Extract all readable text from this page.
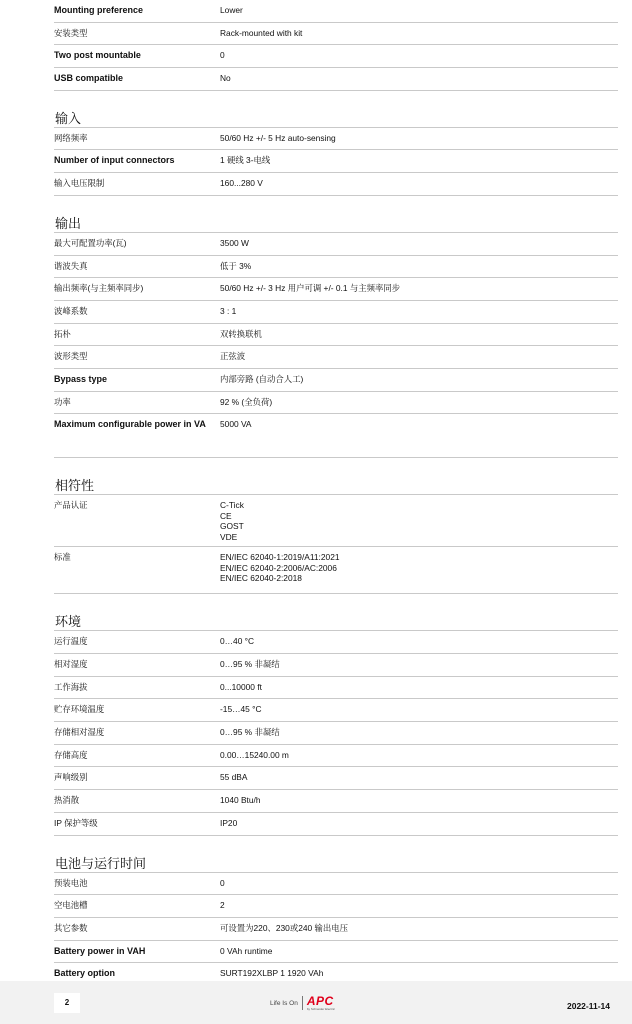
Mounting preference	Lower
安装类型	Rack-mounted with kit
Two post mountable	0
USB compatible	No
输入
网络频率	50/60 Hz +/- 5 Hz auto-sensing
Number of input connectors	1 硬线 3-电线
输入电压限制	160...280 V
输出
最大可配置功率(瓦)	3500 W
谐波失真	低于 3%
输出频率(与主频率同步)	50/60 Hz +/- 3 Hz 用户可调 +/- 0.1 与主频率同步
波峰系数	3 : 1
拓朴	双转换联机
波形类型	正弦波
Bypass type	内部旁路 (自动合人工)
功率	92 % (全负荷)
Maximum configurable power in VA	5000 VA
相符性
产品认证	C-Tick
CE
GOST
VDE
标准	EN/IEC 62040-1:2019/A11:2021
EN/IEC 62040-2:2006/AC:2006
EN/IEC 62040-2:2018
环境
运行温度	0…40 °C
相对湿度	0…95 % 非凝结
工作海拔	0...10000 ft
贮存环境温度	-15…45 °C
存储相对湿度	0…95 % 非凝结
存储高度	0.00…15240.00 m
声响级别	55 dBA
热消散	1040 Btu/h
IP 保护等级	IP20
电池与运行时间
预装电池	0
空电池槽	2
其它参数	可设置为220、230或240 输出电压
Battery power in VAH	0 VAh runtime
Battery option	SURT192XLBP 1 1920 VAh
2	Life Is On APC
by Schneider Electric	2022-11-14
